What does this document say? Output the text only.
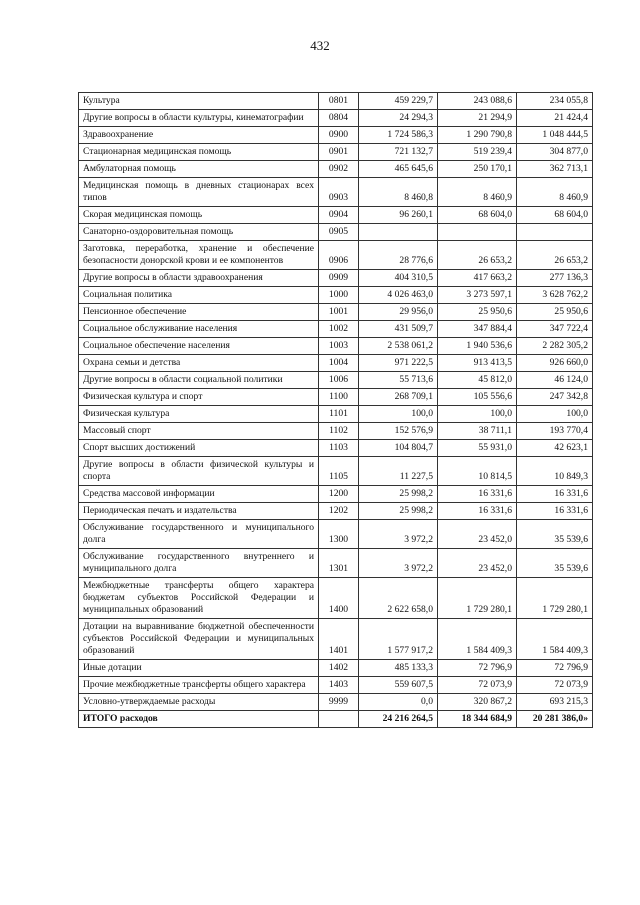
432
Культура	0801	459 229,7	243 088,6	234 055,8
Другие вопросы в области культуры, кинематографии	0804	24 294,3	21 294,9	21 424,4
Здравоохранение	0900	1 724 586,3	1 290 790,8	1 048 444,5
Стационарная медицинская помощь	0901	721 132,7	519 239,4	304 877,0
Амбулаторная помощь	0902	465 645,6	250 170,1	362 713,1
Медицинская помощь в дневных стационарах всех типов	0903	8 460,8	8 460,9	8 460,9
Скорая медицинская помощь	0904	96 260,1	68 604,0	68 604,0
Санаторно-оздоровительная помощь	0905			
Заготовка, переработка, хранение и обеспечение безопасности донорской крови и ее компонентов	0906	28 776,6	26 653,2	26 653,2
Другие вопросы в области здравоохранения	0909	404 310,5	417 663,2	277 136,3
Социальная политика	1000	4 026 463,0	3 273 597,1	3 628 762,2
Пенсионное обеспечение	1001	29 956,0	25 950,6	25 950,6
Социальное обслуживание населения	1002	431 509,7	347 884,4	347 722,4
Социальное обеспечение населения	1003	2 538 061,2	1 940 536,6	2 282 305,2
Охрана семьи и детства	1004	971 222,5	913 413,5	926 660,0
Другие вопросы в области социальной политики	1006	55 713,6	45 812,0	46 124,0
Физическая культура и спорт	1100	268 709,1	105 556,6	247 342,8
Физическая культура	1101	100,0	100,0	100,0
Массовый спорт	1102	152 576,9	38 711,1	193 770,4
Спорт высших достижений	1103	104 804,7	55 931,0	42 623,1
Другие вопросы в области физической культуры и спорта	1105	11 227,5	10 814,5	10 849,3
Средства массовой информации	1200	25 998,2	16 331,6	16 331,6
Периодическая печать и издательства	1202	25 998,2	16 331,6	16 331,6
Обслуживание государственного и муниципального долга	1300	3 972,2	23 452,0	35 539,6
Обслуживание государственного внутреннего и муниципального долга	1301	3 972,2	23 452,0	35 539,6
Межбюджетные трансферты общего характера бюджетам субъектов Российской Федерации и муниципальных образований	1400	2 622 658,0	1 729 280,1	1 729 280,1
Дотации на выравнивание бюджетной обеспеченности субъектов Российской Федерации и муниципальных образований	1401	1 577 917,2	1 584 409,3	1 584 409,3
Иные дотации	1402	485 133,3	72 796,9	72 796,9
Прочие межбюджетные трансферты общего характера	1403	559 607,5	72 073,9	72 073,9
Условно-утверждаемые расходы	9999	0,0	320 867,2	693 215,3
ИТОГО расходов		24 216 264,5	18 344 684,9	20 281 386,0»
